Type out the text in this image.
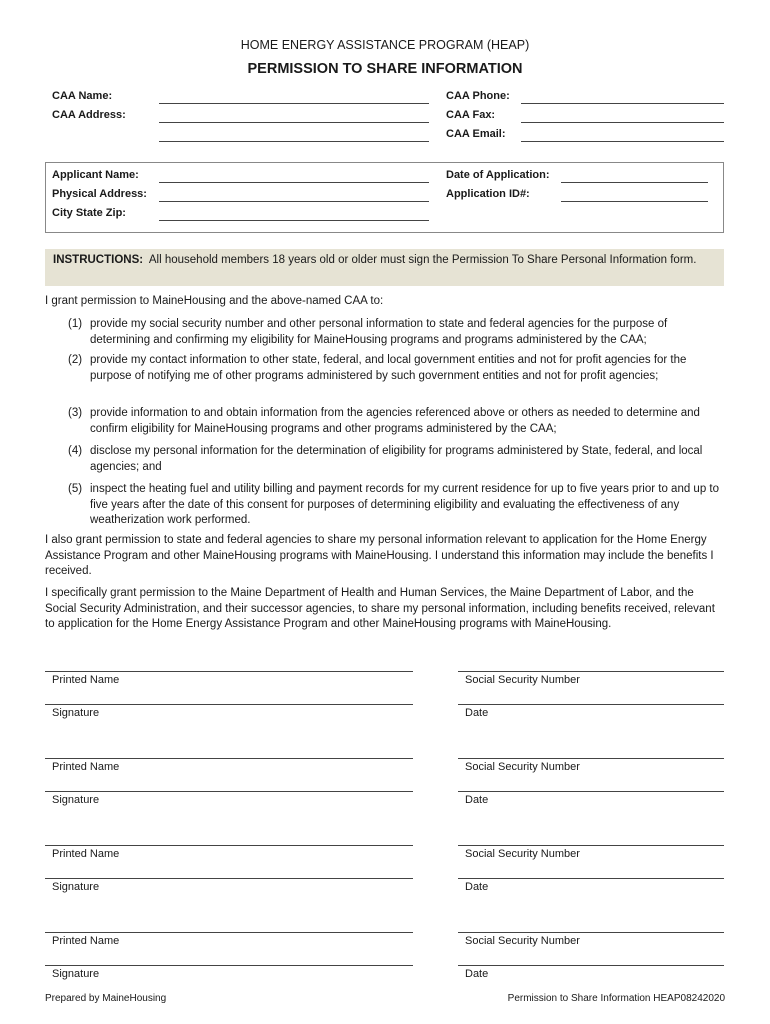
HOME ENERGY ASSISTANCE PROGRAM (HEAP)
PERMISSION TO SHARE INFORMATION
CAA Name:
CAA Address:
CAA Phone:
CAA Fax:
CAA Email:
Applicant Name:
Physical Address:
City State Zip:
Date of Application:
Application ID#:
INSTRUCTIONS: All household members 18 years old or older must sign the Permission To Share Personal Information form.
I grant permission to MaineHousing and the above-named CAA to:
(1) provide my social security number and other personal information to state and federal agencies for the purpose of determining and confirming my eligibility for MaineHousing programs and programs administered by the CAA;
(2) provide my contact information to other state, federal, and local government entities and not for profit agencies for the purpose of notifying me of other programs administered by such government entities and not for profit agencies;
(3) provide information to and obtain information from the agencies referenced above or others as needed to determine and confirm eligibility for MaineHousing programs and other programs administered by the CAA;
(4) disclose my personal information for the determination of eligibility for programs administered by State, federal, and local agencies; and
(5) inspect the heating fuel and utility billing and payment records for my current residence for up to five years prior to and up to five years after the date of this consent for purposes of determining eligibility and evaluating the effectiveness of any weatherization work performed.
I also grant permission to state and federal agencies to share my personal information relevant to application for the Home Energy Assistance Program and other MaineHousing programs with MaineHousing. I understand this information may include the benefits I received.
I specifically grant permission to the Maine Department of Health and Human Services, the Maine Department of Labor, and the Social Security Administration, and their successor agencies, to share my personal information, including benefits received, relevant to application for the Home Energy Assistance Program and other MaineHousing programs with MaineHousing.
Printed Name	Social Security Number
Signature	Date
Printed Name	Social Security Number
Signature	Date
Printed Name	Social Security Number
Signature	Date
Printed Name	Social Security Number
Signature	Date
Prepared by MaineHousing	Permission to Share Information HEAP08242020
